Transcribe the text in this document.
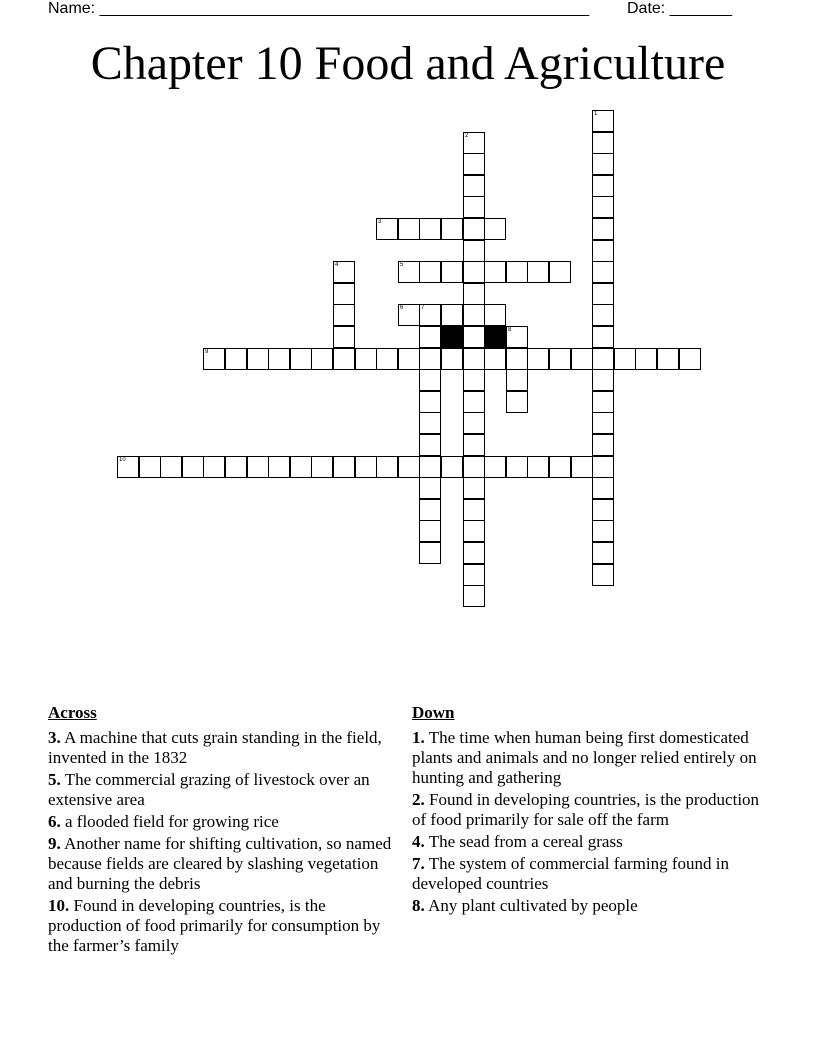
Name: _______________________________________________________ Date: _______
Chapter 10 Food and Agriculture
1
2
3
4	5
6	7
8
9
10
Across
3. A machine that cuts grain standing in the field, invented in the 1832
5. The commercial grazing of livestock over an extensive area
6. a flooded field for growing rice
9. Another name for shifting cultivation, so named because fields are cleared by slashing vegetation and burning the debris
10. Found in developing countries, is the production of food primarily for consumption by the farmer’s family
Down
1. The time when human being first domesticated plants and animals and no longer relied entirely on hunting and gathering
2. Found in developing countries, is the production of food primarily for sale off the farm
4. The sead from a cereal grass
7. The system of commercial farming found in developed countries
8. Any plant cultivated by people
